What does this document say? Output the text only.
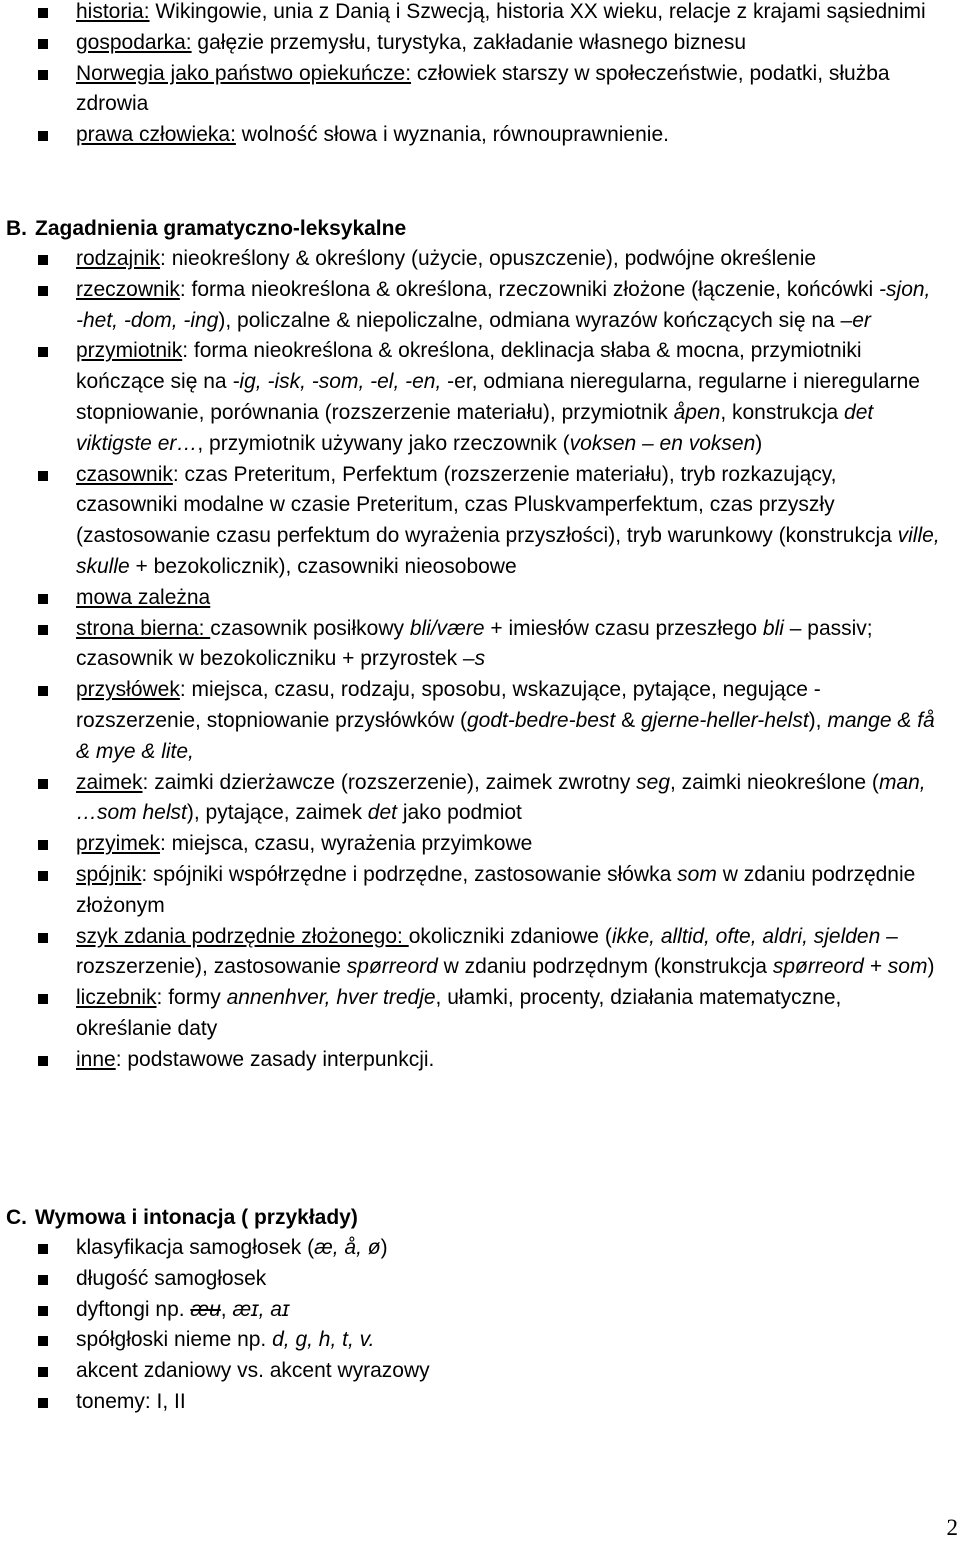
historia: Wikingowie, unia z Danią i Szwecją, historia XX wieku, relacje z krajami sąsiednimi
gospodarka: gałęzie przemysłu, turystyka, zakładanie własnego biznesu
Norwegia jako państwo opiekuńcze: człowiek starszy w społeczeństwie, podatki, służba zdrowia
prawa człowieka: wolność słowa i wyznania, równouprawnienie.
B. Zagadnienia gramatyczno-leksykalne
rodzajnik: nieokreślony & określony (użycie, opuszczenie), podwójne określenie
rzeczownik: forma nieokreślona & określona, rzeczowniki złożone (łączenie, końcówki -sjon, -het, -dom, -ing), policzalne & niepoliczalne, odmiana wyrazów kończących się na –er
przymiotnik: forma nieokreślona & określona, deklinacja słaba & mocna, przymiotniki kończące się na -ig, -isk, -som, -el, -en, -er, odmiana nieregularna, regularne i nieregularne stopniowanie, porównania (rozszerzenie materiału), przymiotnik åpen, konstrukcja det viktigste er…, przymiotnik używany jako rzeczownik (voksen – en voksen)
czasownik: czas Preteritum, Perfektum (rozszerzenie materiału), tryb rozkazujący, czasowniki modalne w czasie Preteritum, czas Pluskvamperfektum, czas przyszły (zastosowanie czasu perfektum do wyrażenia przyszłości), tryb warunkowy (konstrukcja ville, skulle + bezokolicznik), czasowniki nieosobowe
mowa zależna
strona bierna: czasownik posiłkowy bli/være + imiesłów czasu przeszłego bli – passiv; czasownik w bezokoliczniku + przyrostek –s
przysłówek: miejsca, czasu, rodzaju, sposobu, wskazujące, pytające, negujące - rozszerzenie, stopniowanie przysłówków (godt-bedre-best & gjerne-heller-helst), mange & få & mye & lite,
zaimek: zaimki dzierżawcze (rozszerzenie), zaimek zwrotny seg, zaimki nieokreślone (man, …som helst), pytające, zaimek det jako podmiot
przyimek: miejsca, czasu, wyrażenia przyimkowe
spójnik: spójniki współrzędne i podrzędne, zastosowanie słówka som w zdaniu podrzędnie złożonym
szyk zdania podrzędnie złożonego: okoliczniki zdaniowe (ikke, alltid, ofte, aldri, sjelden – rozszerzenie), zastosowanie spørreord w zdaniu podrzędnym (konstrukcja spørreord + som)
liczebnik: formy annenhver, hver tredje, ułamki, procenty, działania matematyczne, określanie daty
inne: podstawowe zasady interpunkcji.
C. Wymowa i intonacja ( przykłady)
klasyfikacja samogłosek (æ, å, ø)
długość samogłosek
dyftongi np. æʉ, æɪ, aɪ
spółgłoski nieme np. d, g, h, t, v.
akcent zdaniowy vs. akcent wyrazowy
tonemy: I, II
2
